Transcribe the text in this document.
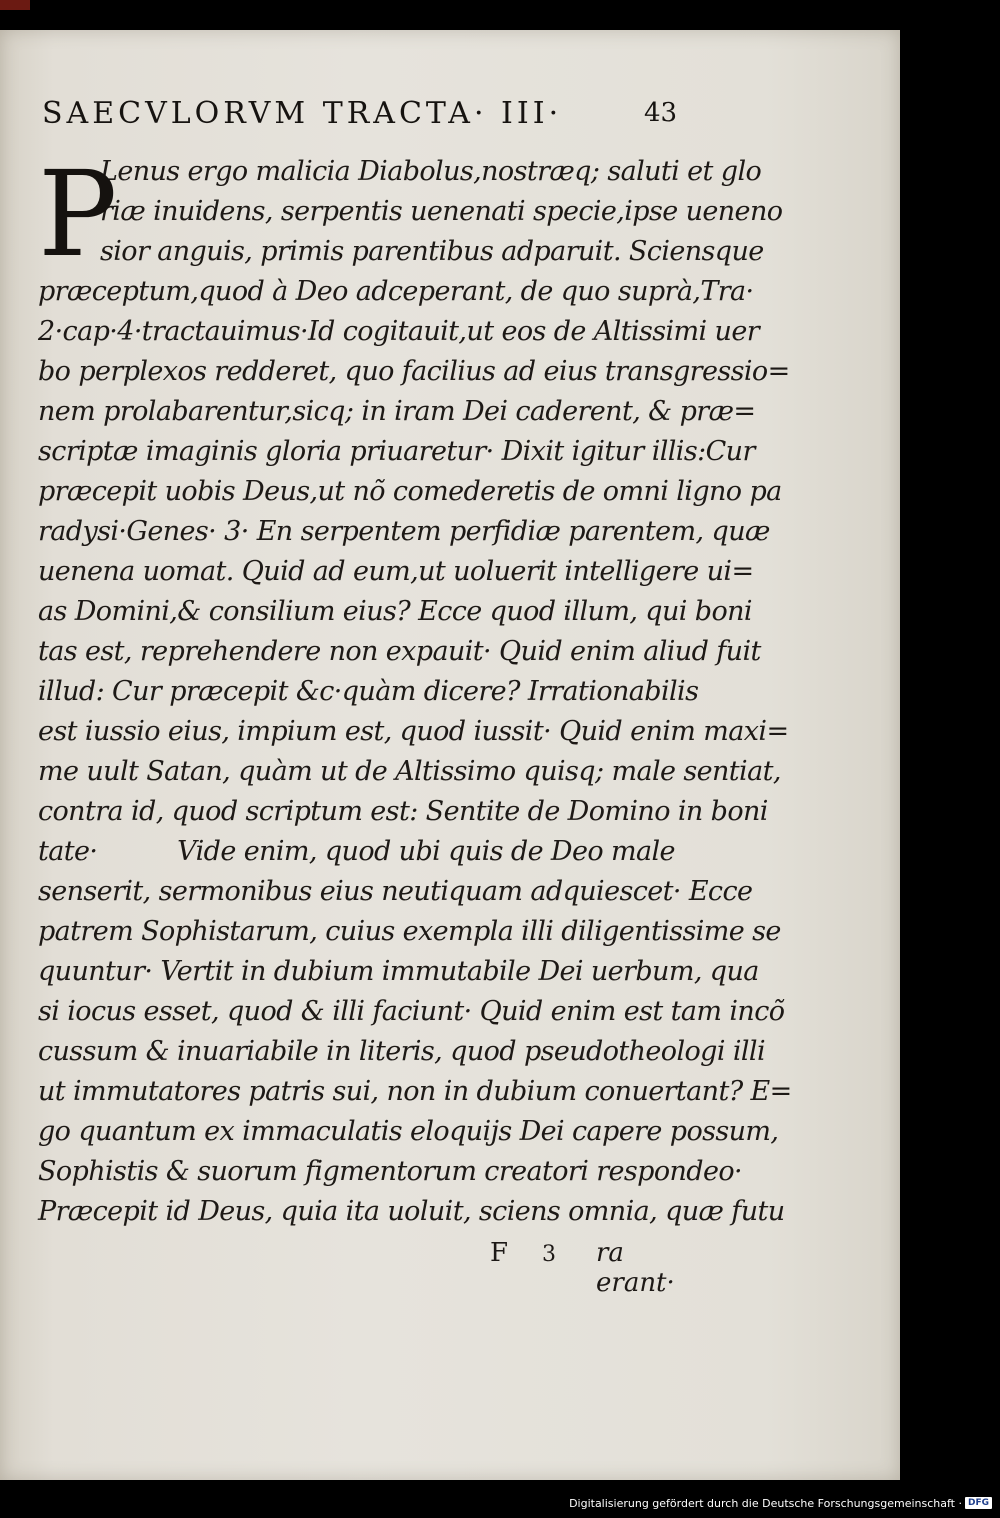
SAECVLORVM TRACTA· III·	43
P
Lenus ergo malicia Diabolus,nostræq; saluti et glo
riæ inuidens, serpentis uenenati specie,ipse ueneno
sior anguis, primis parentibus adparuit. Sciensque
præceptum,quod à Deo adceperant, de quo suprà,Tra·
2·cap·4·tractauimus·Id cogitauit,ut eos de Altissimi uer
bo perplexos redderet, quo facilius ad eius transgressio=
nem prolabarentur,sicq; in iram Dei caderent, & præ=
scriptæ imaginis gloria priuaretur· Dixit igitur illis:Cur
præcepit uobis Deus,ut nõ comederetis de omni ligno pa
radysi·Genes· 3· En serpentem perfidiæ parentem, quæ
uenena uomat. Quid ad eum,ut uoluerit intelligere ui=
as Domini,& consilium eius? Ecce quod illum, qui boni
tas est, reprehendere non expauit· Quid enim aliud fuit
illud: Cur præcepit &c·quàm dicere? Irrationabilis
est iussio eius, impium est, quod iussit· Quid enim maxi=
me uult Satan, quàm ut de Altissimo quisq; male sentiat,
contra id, quod scriptum est: Sentite de Domino in boni
tate·          Vide enim, quod ubi quis de Deo male
senserit, sermonibus eius neutiquam adquiescet· Ecce
patrem Sophistarum, cuius exempla illi diligentissime se
quuntur· Vertit in dubium immutabile Dei uerbum, qua
si iocus esset, quod & illi faciunt· Quid enim est tam incõ
cussum & inuariabile in literis, quod pseudotheologi illi
ut immutatores patris sui, non in dubium conuertant? E=
go quantum ex immaculatis eloquijs Dei capere possum,
Sophistis & suorum figmentorum creatori respondeo·
Præcepit id Deus, quia ita uoluit, sciens omnia, quæ futu
F 3 ra erant·
Digitalisierung gefördert durch die Deutsche Forschungsgemeinschaft · DFG
